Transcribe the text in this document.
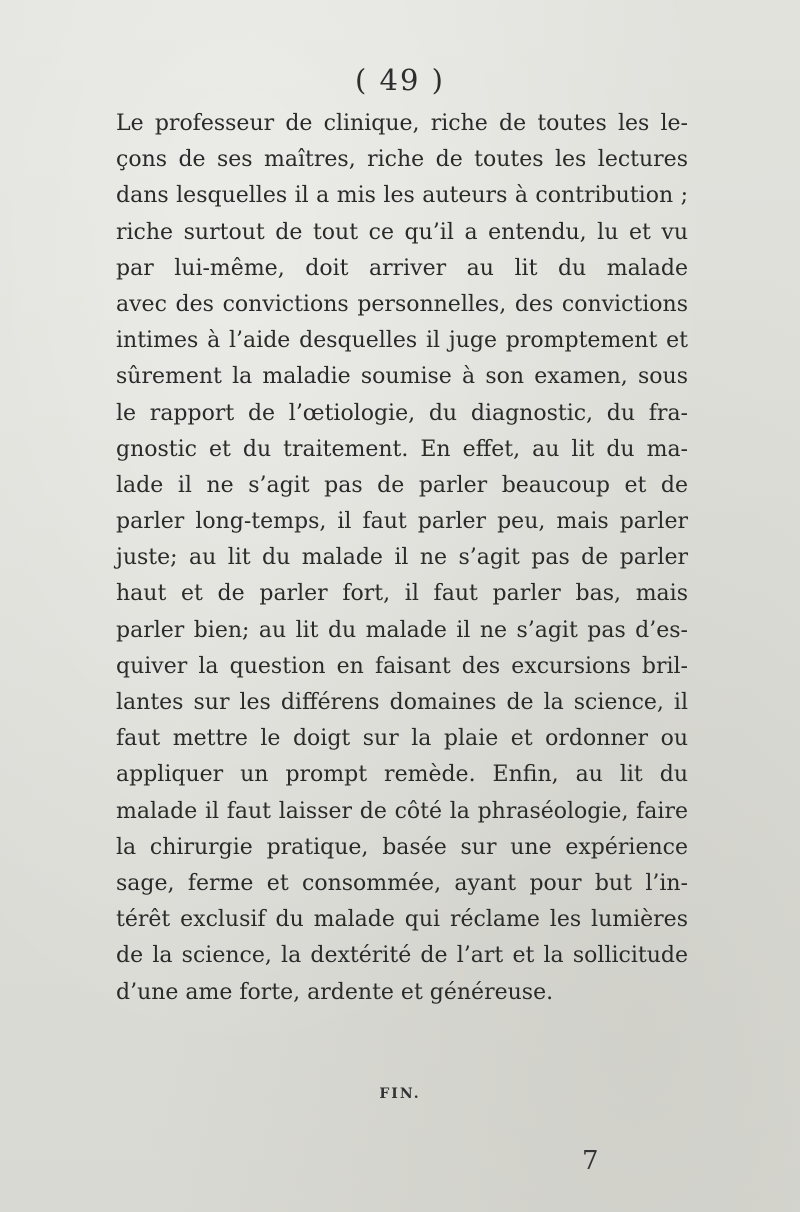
( 49 )
Le professeur de clinique, riche de toutes les le-
çons de ses maîtres, riche de toutes les lectures
dans lesquelles il a mis les auteurs à contribution ;
riche surtout de tout ce qu’il a entendu, lu et vu
par lui-même, doit arriver au lit du malade
avec des convictions personnelles, des convictions
intimes à l’aide desquelles il juge promptement et
sûrement la maladie soumise à son examen, sous
le rapport de l’œtiologie, du diagnostic, du fra-
gnostic et du traitement. En effet, au lit du ma-
lade il ne s’agit pas de parler beaucoup et de
parler long-temps, il faut parler peu, mais parler
juste; au lit du malade il ne s’agit pas de parler
haut et de parler fort, il faut parler bas, mais
parler bien; au lit du malade il ne s’agit pas d’es-
quiver la question en faisant des excursions bril-
lantes sur les différens domaines de la science, il
faut mettre le doigt sur la plaie et ordonner ou
appliquer un prompt remède. Enfin, au lit du
malade il faut laisser de côté la phraséologie, faire
la chirurgie pratique, basée sur une expérience
sage, ferme et consommée, ayant pour but l’in-
térêt exclusif du malade qui réclame les lumières
de la science, la dextérité de l’art et la sollicitude
d’une ame forte, ardente et généreuse.
FIN.
7
